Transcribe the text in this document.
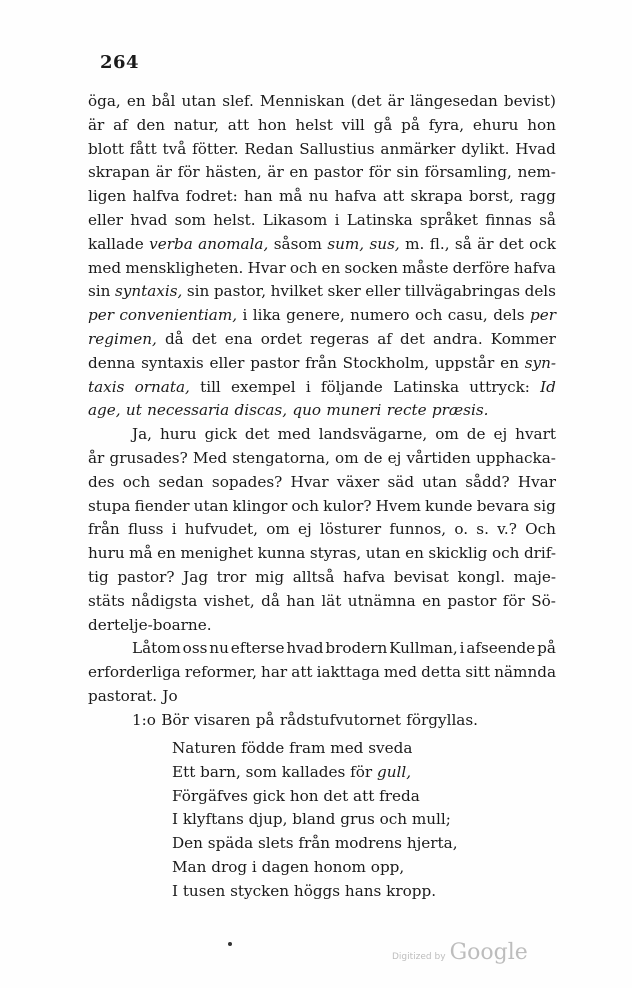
264
öga, en bål utan slef. Menniskan (det är längesedan bevist)
är af den natur, att hon helst vill gå på fyra, ehuru hon
blott fått två fötter. Redan Sallustius anmärker dylikt. Hvad
skrapan är för hästen, är en pastor för sin församling, nem-
ligen halfva fodret: han må nu hafva att skrapa borst, ragg
eller hvad som helst. Likasom i Latinska språket finnas så
kallade verba anomala, såsom sum, sus, m. fl., så är det ock
med menskligheten. Hvar och en socken måste derföre hafva
sin syntaxis, sin pastor, hvilket sker eller tillvägabringas dels
per convenientiam, i lika genere, numero och casu, dels per
regimen, då det ena ordet regeras af det andra. Kommer
denna syntaxis eller pastor från Stockholm, uppstår en syn-
taxis ornata, till exempel i följande Latinska uttryck: Id
age, ut necessaria discas, quo muneri recte præsis.
Ja, huru gick det med landsvägarne, om de ej hvart
år grusades? Med stengatorna, om de ej vårtiden upphacka-
des och sedan sopades? Hvar växer säd utan sådd? Hvar
stupa fiender utan klingor och kulor? Hvem kunde bevara sig
från fluss i hufvudet, om ej lösturer funnos, o. s. v.? Och
huru må en menighet kunna styras, utan en skicklig och drif-
tig pastor? Jag tror mig alltså hafva bevisat kongl. maje-
stäts nådigsta vishet, då han lät utnämna en pastor för Sö-
dertelje-boarne.
Låtom oss nu efterse hvad brodern Kullman, i afseende på
erforderliga reformer, har att iakttaga med detta sitt nämnda
pastorat. Jo
1:o Bör visaren på rådstufvutornet förgyllas.
Naturen födde fram med sveda
Ett barn, som kallades för gull,
Förgäfves gick hon det att freda
I klyftans djup, bland grus och mull;
Den späda slets från modrens hjerta,
Man drog i dagen honom opp,
I tusen stycken höggs hans kropp.
Digitized by Google
